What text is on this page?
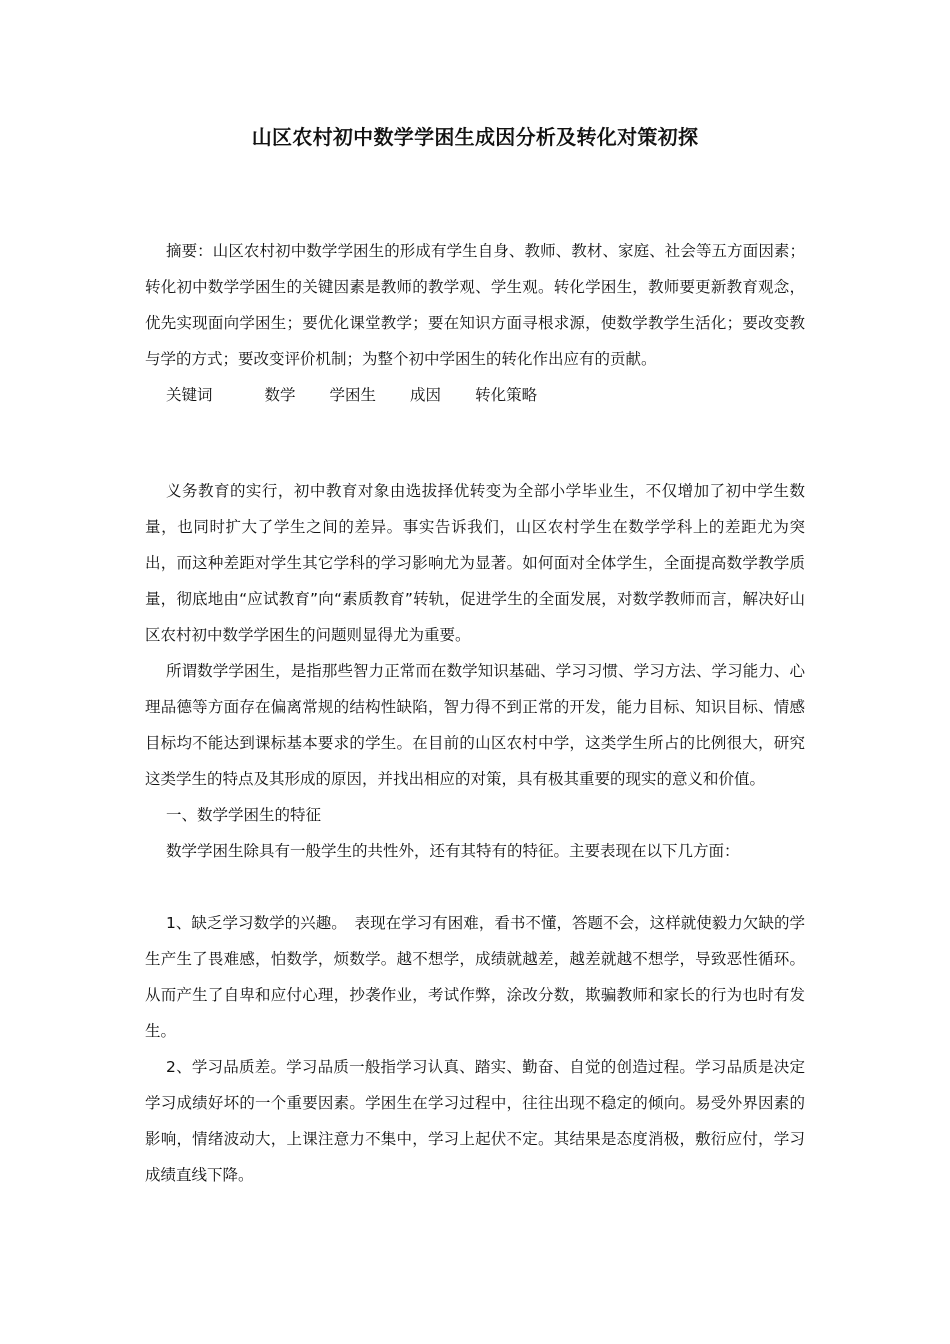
山区农村初中数学学困生成因分析及转化对策初探

摘要：山区农村初中数学学困生的形成有学生自身、教师、教材、家庭、社会等五方面因素；转化初中数学学困生的关键因素是教师的教学观、学生观。转化学困生，教师要更新教育观念，优先实现面向学困生；要优化课堂教学；要在知识方面寻根求源，使数学教学生活化；要改变教与学的方式；要改变评价机制；为整个初中学困生的转化作出应有的贡献。

关键词	数学 学困生 成因 转化策略

义务教育的实行，初中教育对象由选拔择优转变为全部小学毕业生，不仅增加了初中学生数量，也同时扩大了学生之间的差异。事实告诉我们，山区农村学生在数学学科上的差距尤为突出，而这种差距对学生其它学科的学习影响尤为显著。如何面对全体学生，全面提高数学教学质量，彻底地由“应试教育”向“素质教育”转轨，促进学生的全面发展，对数学教师而言，解决好山区农村初中数学学困生的问题则显得尤为重要。

所谓数学学困生，是指那些智力正常而在数学知识基础、学习习惯、学习方法、学习能力、心理品德等方面存在偏离常规的结构性缺陷，智力得不到正常的开发，能力目标、知识目标、情感目标均不能达到课标基本要求的学生。在目前的山区农村中学，这类学生所占的比例很大，研究这类学生的特点及其形成的原因，并找出相应的对策，具有极其重要的现实的意义和价值。

一、数学学困生的特征

数学学困生除具有一般学生的共性外，还有其特有的特征。主要表现在以下几方面：

1、缺乏学习数学的兴趣。　表现在学习有困难，看书不懂，答题不会，这样就使毅力欠缺的学生产生了畏难感，怕数学，烦数学。越不想学，成绩就越差，越差就越不想学，导致恶性循环。从而产生了自卑和应付心理，抄袭作业，考试作弊，涂改分数，欺骗教师和家长的行为也时有发生。

2、学习品质差。学习品质一般指学习认真、踏实、勤奋、自觉的创造过程。学习品质是决定学习成绩好坏的一个重要因素。学困生在学习过程中，往往出现不稳定的倾向。易受外界因素的影响，情绪波动大，上课注意力不集中，学习上起伏不定。其结果是态度消极，敷衍应付，学习成绩直线下降。
